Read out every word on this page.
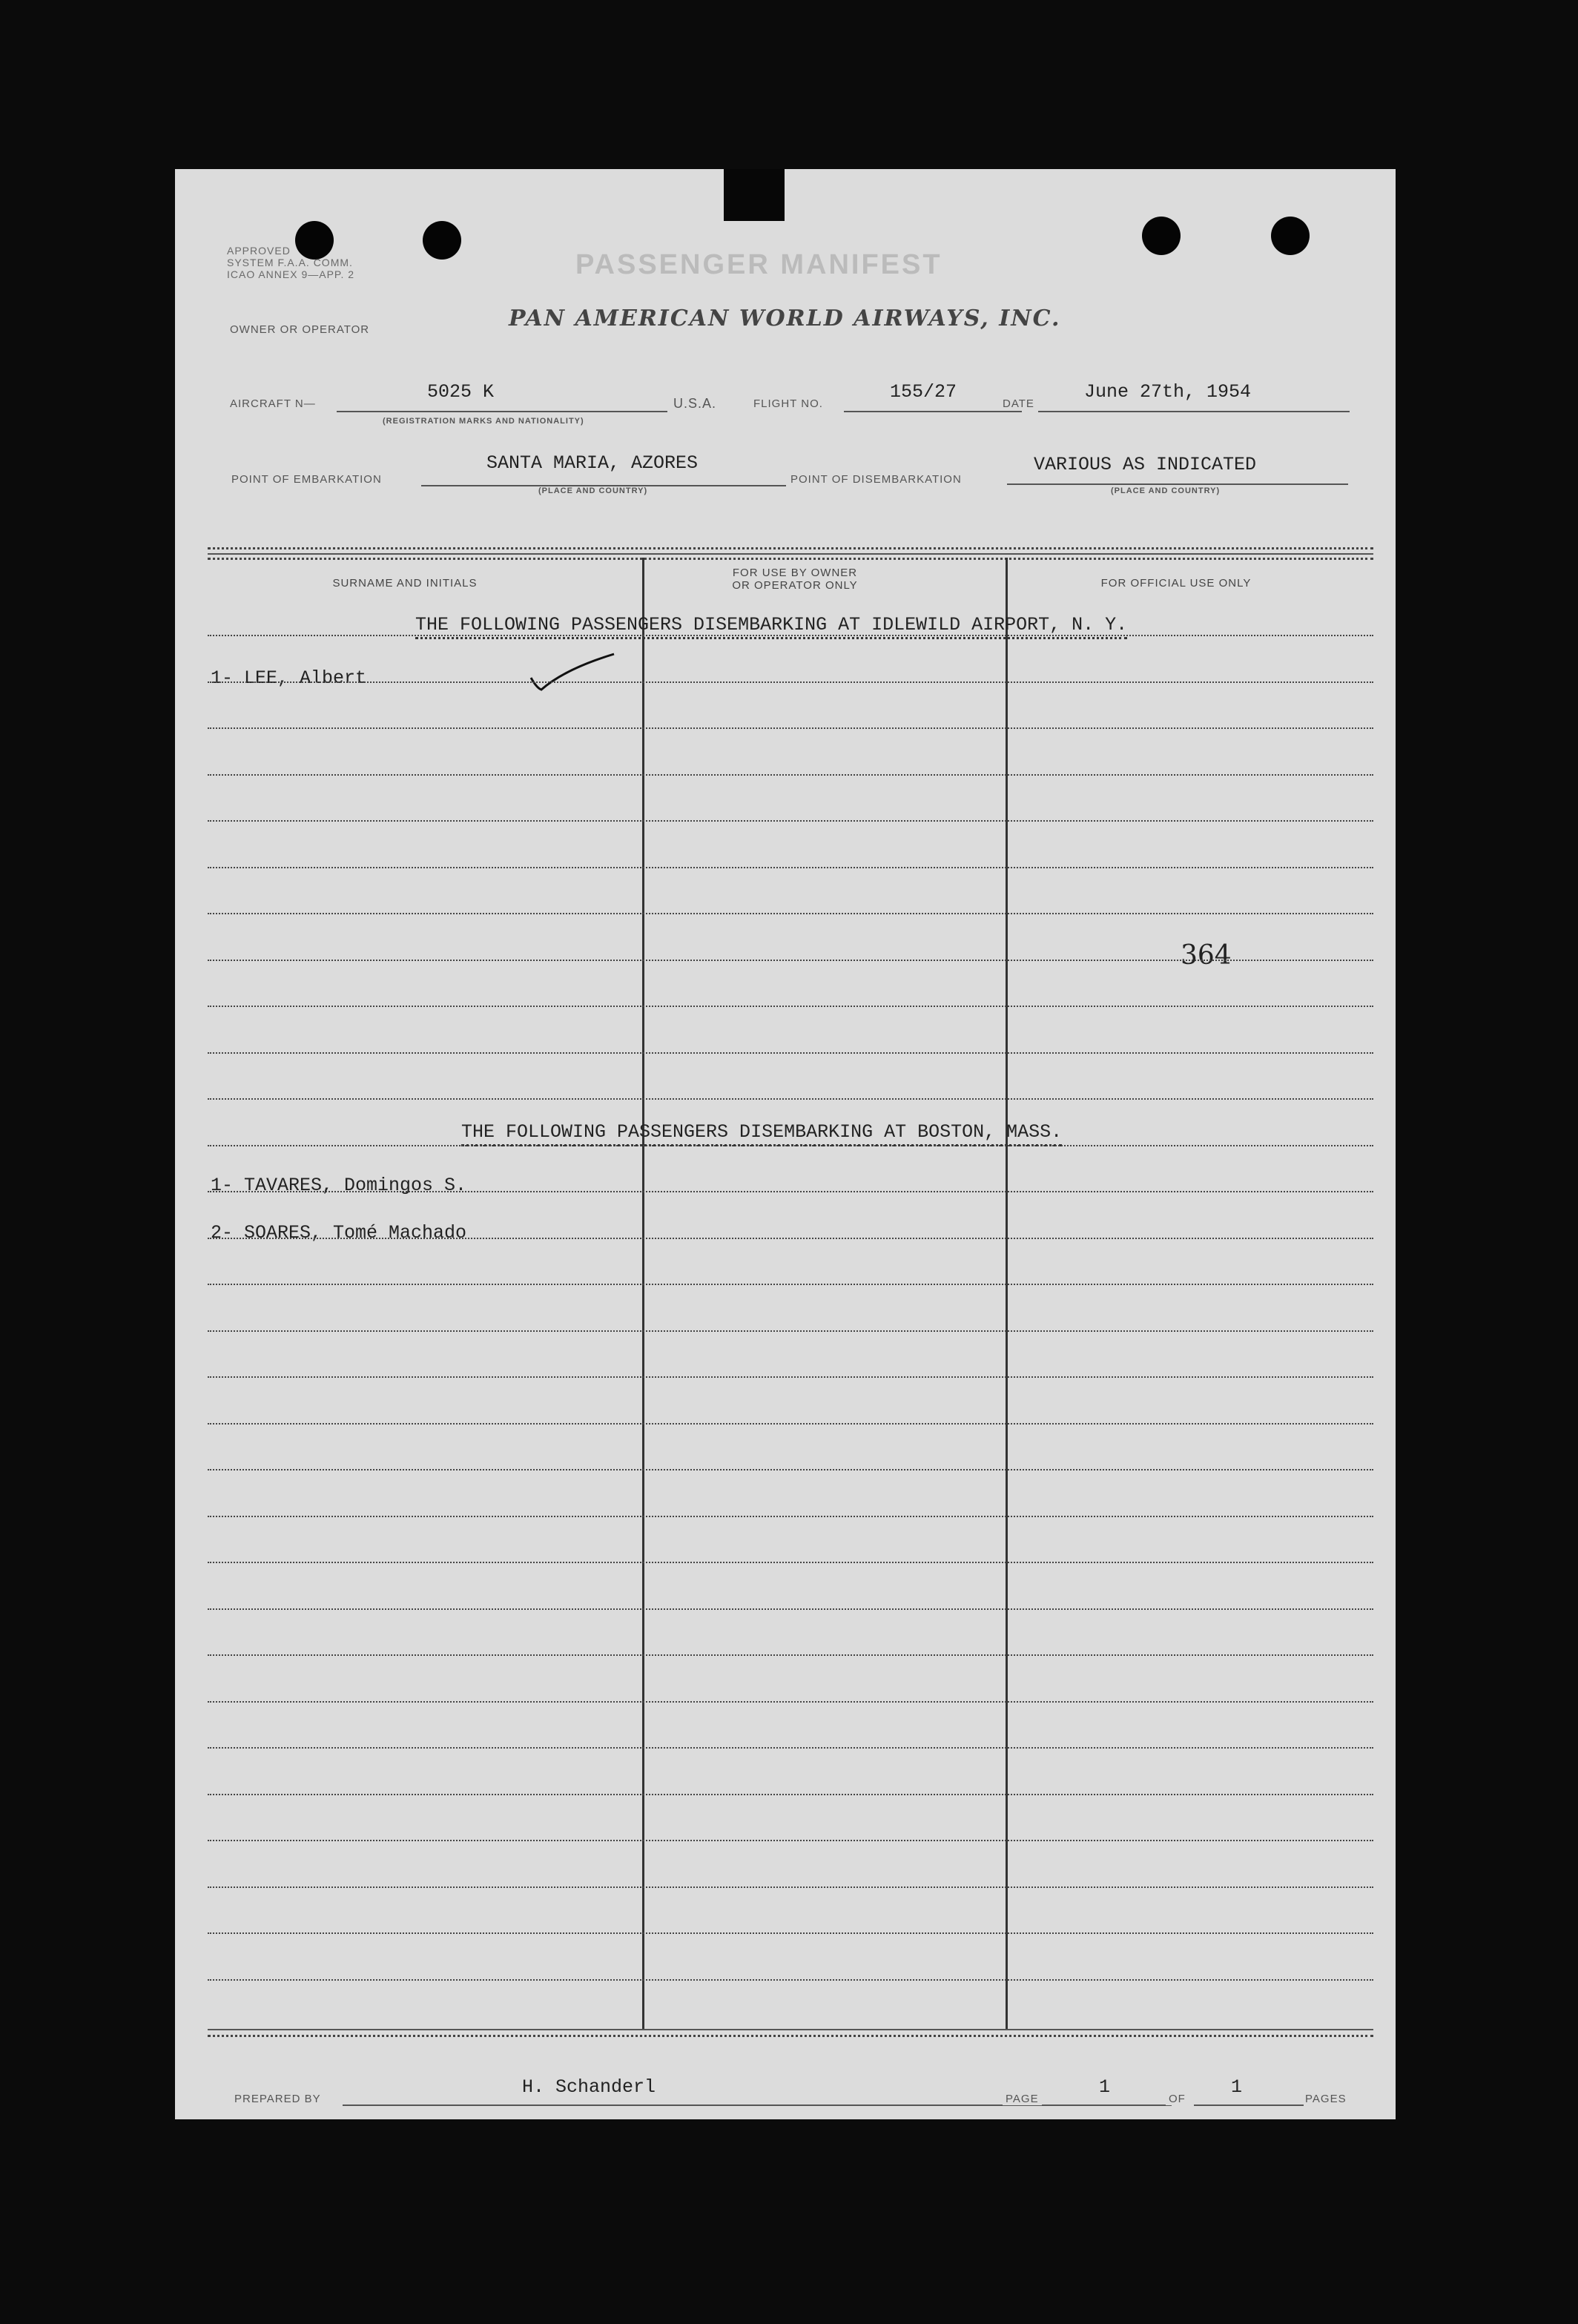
APPROVED
SYSTEM F.A.A. COMM.
ICAO ANNEX 9—APP. 2	PASSENGER MANIFEST
OWNER OR OPERATOR	PAN AMERICAN WORLD AIRWAYS, INC.
AIRCRAFT N—
5025 K
(REGISTRATION MARKS AND NATIONALITY)
U.S.A.	FLIGHT NO.
155/27
DATE
June 27th, 1954
POINT OF EMBARKATION
SANTA MARIA, AZORES
(PLACE AND COUNTRY)
POINT OF DISEMBARKATION
VARIOUS AS INDICATED
(PLACE AND COUNTRY)
SURNAME AND INITIALS
FOR USE BY OWNER
OR OPERATOR ONLY	FOR OFFICIAL USE ONLY
THE FOLLOWING PASSENGERS DISEMBARKING AT IDLEWILD AIRPORT, N. Y.
1- LEE, Albert
364
THE FOLLOWING PASSENGERS DISEMBARKING AT BOSTON, MASS.
1- TAVARES, Domingos S.
2- SOARES, Tomé Machado
PREPARED BY
H. Schanderl
PAGE
1
OF
1
PAGES
